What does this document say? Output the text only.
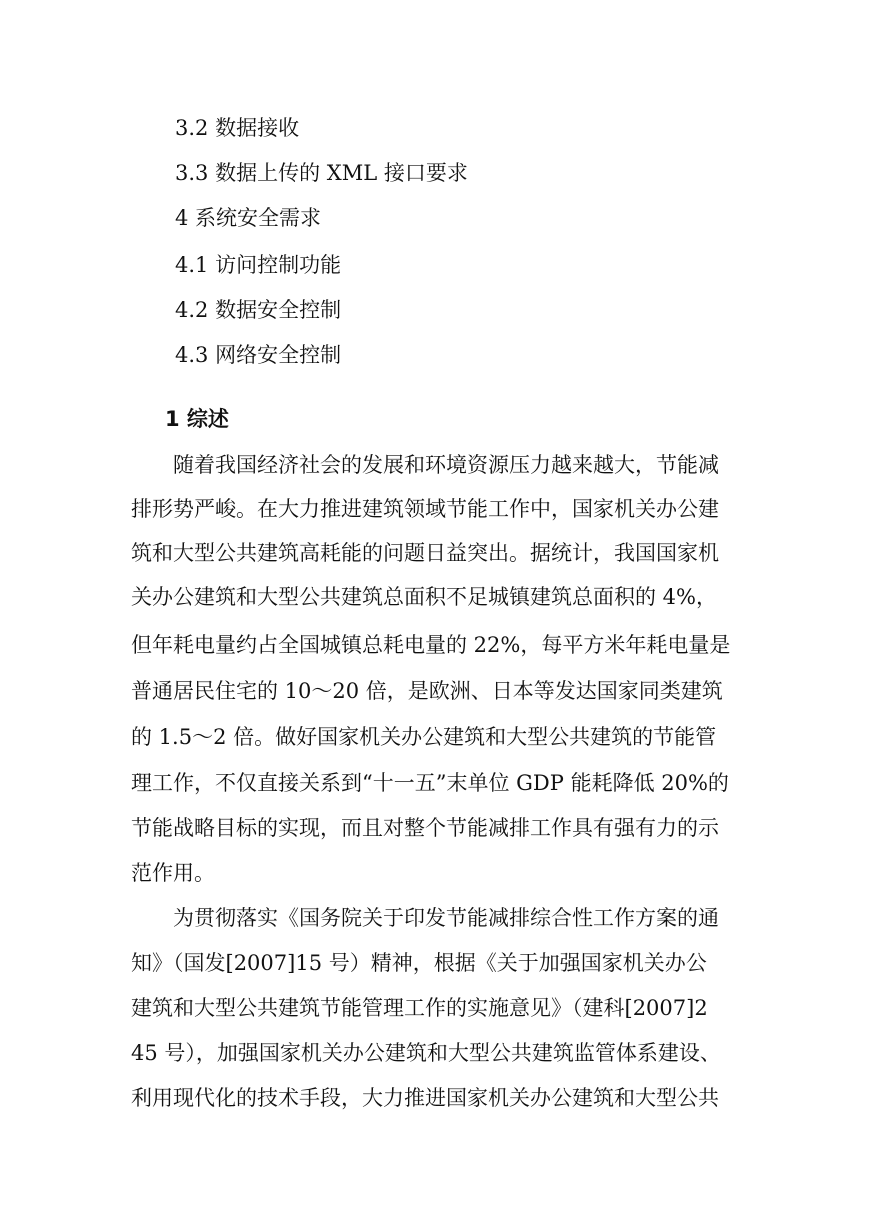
3.2 数据接收
3.3 数据上传的 XML 接口要求
4 系统安全需求
4.1 访问控制功能
4.2 数据安全控制
4.3 网络安全控制
1 综述
　　随着我国经济社会的发展和环境资源压力越来越大，节能减
排形势严峻。在大力推进建筑领域节能工作中，国家机关办公建
筑和大型公共建筑高耗能的问题日益突出。据统计，我国国家机
关办公建筑和大型公共建筑总面积不足城镇建筑总面积的 4%，
但年耗电量约占全国城镇总耗电量的 22%，每平方米年耗电量是
普通居民住宅的 10～20 倍，是欧洲、日本等发达国家同类建筑
的 1.5～2 倍。做好国家机关办公建筑和大型公共建筑的节能管
理工作，不仅直接关系到“十一五”末单位 GDP 能耗降低 20%的
节能战略目标的实现，而且对整个节能减排工作具有强有力的示
范作用。
　　为贯彻落实《国务院关于印发节能减排综合性工作方案的通
知》（国发[2007]15 号）精神，根据《关于加强国家机关办公
建筑和大型公共建筑节能管理工作的实施意见》（建科[2007]2
45 号），加强国家机关办公建筑和大型公共建筑监管体系建设、
利用现代化的技术手段，大力推进国家机关办公建筑和大型公共
